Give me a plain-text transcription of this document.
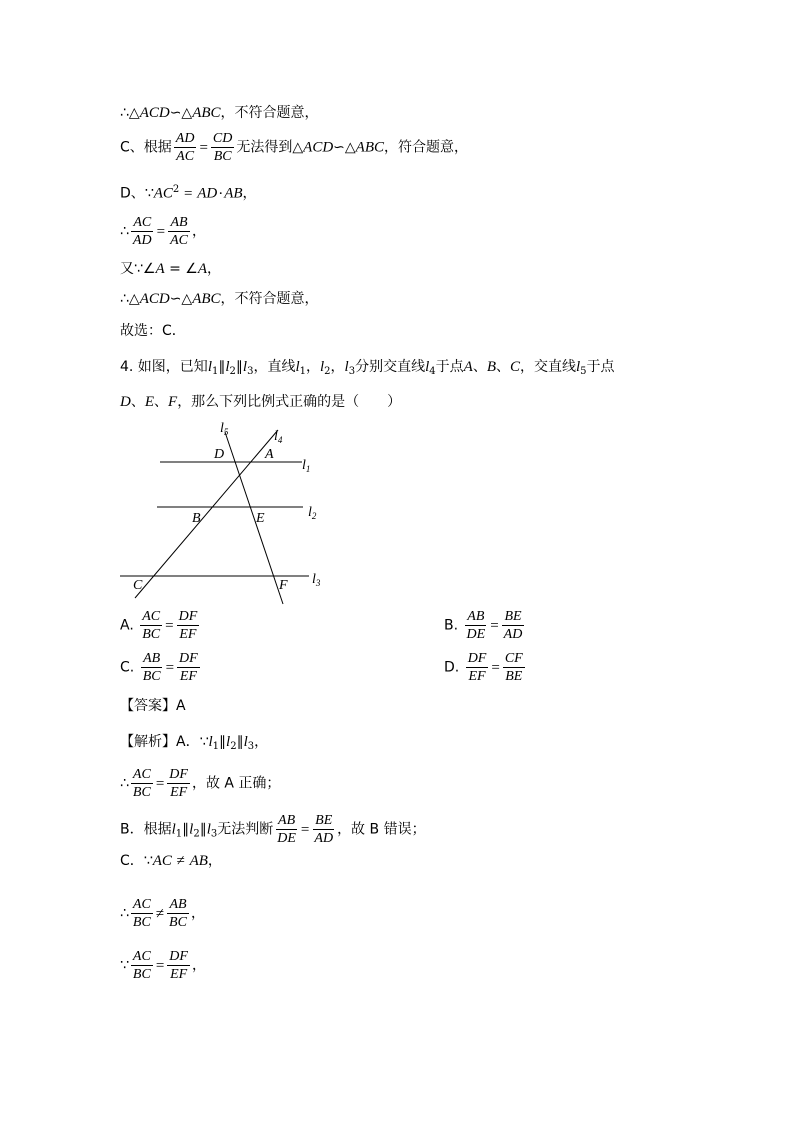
∴△ACD∽△ABC，不符合题意，
C、根据 $\frac{AD}{AC} = \frac{CD}{BC}$ 无法得到△ACD∽△ABC，符合题意，
D、$\because AC^2 = AD\cdot AB$，
∴ $\frac{AC}{AD} = \frac{AB}{AC}$ ，
又∵∠A = ∠A，
∴△ACD∽△ABC，不符合题意，
故选：C．
4. 如图，已知$l_1\parallel l_2\parallel l_3$，直线$l_1$，$l_2$，$l_3$分别交直线$l_4$于点A、B、C，交直线$l_5$于点
D、E、F，那么下列比例式正确的是（　　）
$l_5$	$l_4$
$l_1$
$l_2$
$l_3$
D	A
B	E
C	F
A. $\frac{AC}{BC} = \frac{DF}{EF}$	B. $\frac{AB}{DE} = \frac{BE}{AD}$
C. $\frac{AB}{BC} = \frac{DF}{EF}$	D. $\frac{DF}{EF} = \frac{CF}{BE}$
【答案】A
【解析】A．$\because l_1\parallel l_2\parallel l_3$，
∴ $\frac{AC}{BC} = \frac{DF}{EF}$ ，故 A 正确；
B．根据$l_1\parallel l_2\parallel l_3$无法判断 $\frac{AB}{DE} = \frac{BE}{AD}$ ，故 B 错误；
C．∵AC ≠ AB，
∴ $\frac{AC}{BC} \ne \frac{AB}{BC}$ ，
∵ $\frac{AC}{BC} = \frac{DF}{EF}$ ，
